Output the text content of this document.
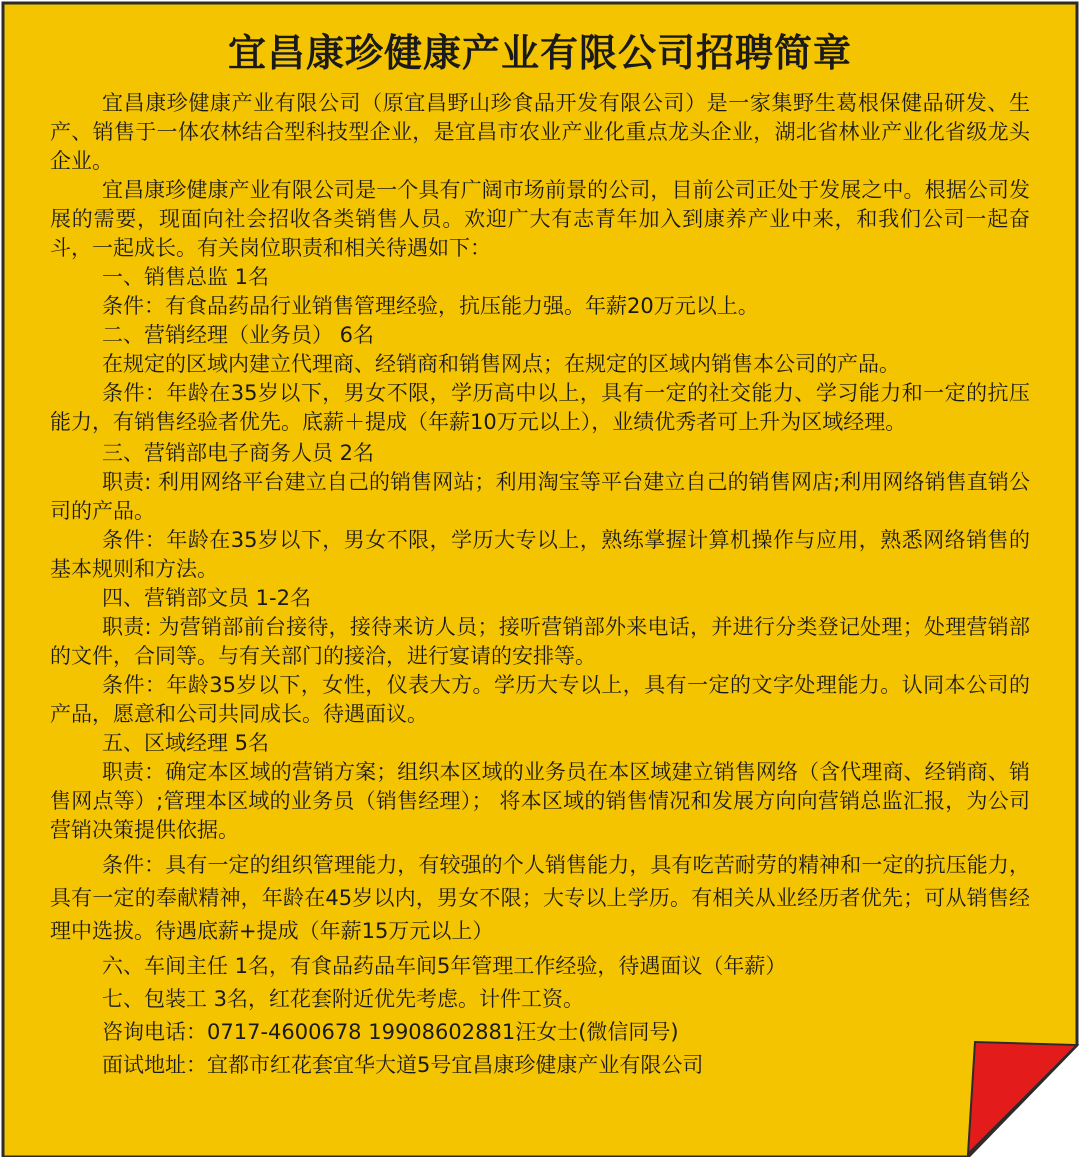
宜昌康珍健康产业有限公司招聘简章

宜昌康珍健康产业有限公司（原宜昌野山珍食品开发有限公司）是一家集野生葛根保健品研发、生产、销售于一体农林结合型科技型企业，是宜昌市农业产业化重点龙头企业，湖北省林业产业化省级龙头企业。

宜昌康珍健康产业有限公司是一个具有广阔市场前景的公司，目前公司正处于发展之中。根据公司发展的需要，现面向社会招收各类销售人员。欢迎广大有志青年加入到康养产业中来，和我们公司一起奋斗，一起成长。有关岗位职责和相关待遇如下：

一、销售总监 1名

条件：有食品药品行业销售管理经验，抗压能力强。年薪20万元以上。

二、营销经理（业务员） 6名

在规定的区域内建立代理商、经销商和销售网点；在规定的区域内销售本公司的产品。

条件：年龄在35岁以下，男女不限，学历高中以上，具有一定的社交能力、学习能力和一定的抗压能力，有销售经验者优先。底薪＋提成（年薪10万元以上），业绩优秀者可上升为区域经理。

三、营销部电子商务人员 2名

职责: 利用网络平台建立自己的销售网站；利用淘宝等平台建立自己的销售网店;利用网络销售直销公司的产品。

条件：年龄在35岁以下，男女不限，学历大专以上，熟练掌握计算机操作与应用，熟悉网络销售的基本规则和方法。

四、营销部文员 1-2名

职责: 为营销部前台接待，接待来访人员；接听营销部外来电话，并进行分类登记处理；处理营销部的文件，合同等。与有关部门的接洽，进行宴请的安排等。

条件：年龄35岁以下，女性，仪表大方。学历大专以上，具有一定的文字处理能力。认同本公司的产品，愿意和公司共同成长。待遇面议。

五、区域经理 5名

职责：确定本区域的营销方案；组织本区域的业务员在本区域建立销售网络（含代理商、经销商、销售网点等）;管理本区域的业务员（销售经理）； 将本区域的销售情况和发展方向向营销总监汇报，为公司营销决策提供依据。

条件：具有一定的组织管理能力，有较强的个人销售能力，具有吃苦耐劳的精神和一定的抗压能力，具有一定的奉献精神，年龄在45岁以内，男女不限；大专以上学历。有相关从业经历者优先；可从销售经理中选拔。待遇底薪+提成（年薪15万元以上）

六、车间主任 1名，有食品药品车间5年管理工作经验，待遇面议（年薪）

七、包装工 3名，红花套附近优先考虑。计件工资。

咨询电话：0717-4600678 19908602881汪女士(微信同号)

面试地址：宜都市红花套宜华大道5号宜昌康珍健康产业有限公司
